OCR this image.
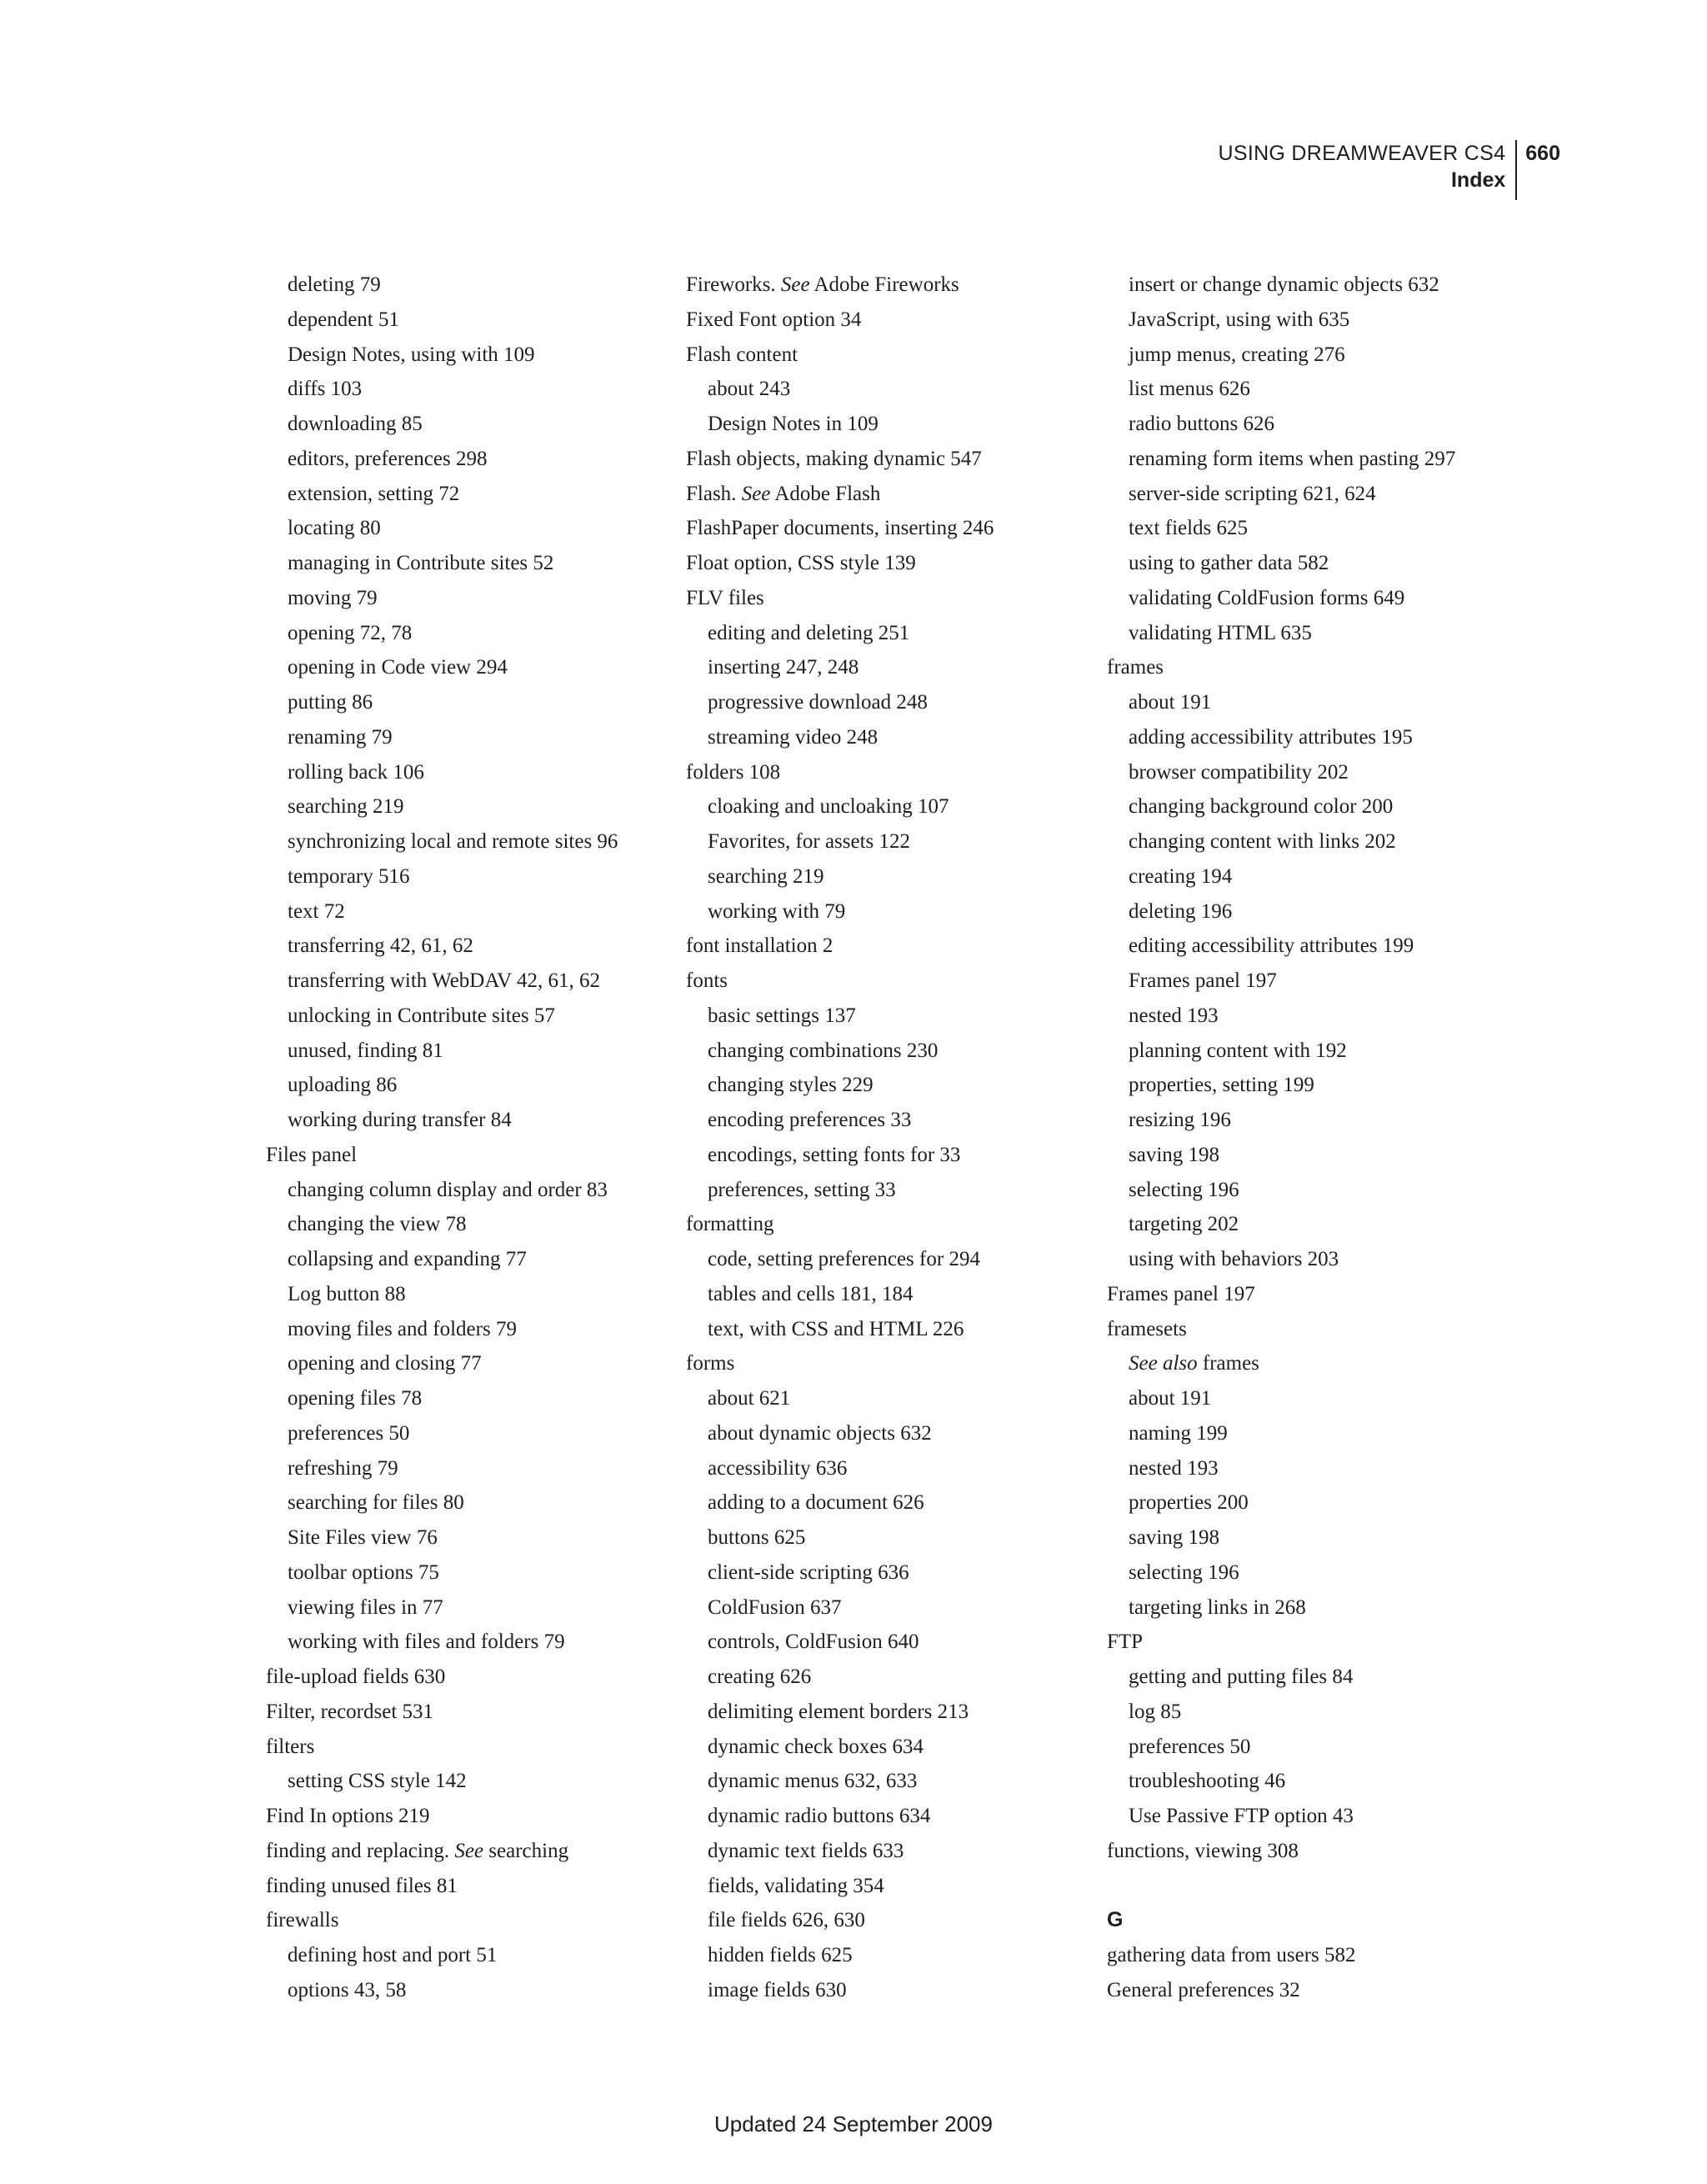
USING DREAMWEAVER CS4
Index
660
deleting 79
dependent 51
Design Notes, using with 109
diffs 103
downloading 85
editors, preferences 298
extension, setting 72
locating 80
managing in Contribute sites 52
moving 79
opening 72, 78
opening in Code view 294
putting 86
renaming 79
rolling back 106
searching 219
synchronizing local and remote sites 96
temporary 516
text 72
transferring 42, 61, 62
transferring with WebDAV 42, 61, 62
unlocking in Contribute sites 57
unused, finding 81
uploading 86
working during transfer 84
Files panel
changing column display and order 83
changing the view 78
collapsing and expanding 77
Log button 88
moving files and folders 79
opening and closing 77
opening files 78
preferences 50
refreshing 79
searching for files 80
Site Files view 76
toolbar options 75
viewing files in 77
working with files and folders 79
file-upload fields 630
Filter, recordset 531
filters
setting CSS style 142
Find In options 219
finding and replacing. See searching
finding unused files 81
firewalls
defining host and port 51
options 43, 58
Fireworks. See Adobe Fireworks
Fixed Font option 34
Flash content
about 243
Design Notes in 109
Flash objects, making dynamic 547
Flash. See Adobe Flash
FlashPaper documents, inserting 246
Float option, CSS style 139
FLV files
editing and deleting 251
inserting 247, 248
progressive download 248
streaming video 248
folders 108
cloaking and uncloaking 107
Favorites, for assets 122
searching 219
working with 79
font installation 2
fonts
basic settings 137
changing combinations 230
changing styles 229
encoding preferences 33
encodings, setting fonts for 33
preferences, setting 33
formatting
code, setting preferences for 294
tables and cells 181, 184
text, with CSS and HTML 226
forms
about 621
about dynamic objects 632
accessibility 636
adding to a document 626
buttons 625
client-side scripting 636
ColdFusion 637
controls, ColdFusion 640
creating 626
delimiting element borders 213
dynamic check boxes 634
dynamic menus 632, 633
dynamic radio buttons 634
dynamic text fields 633
fields, validating 354
file fields 626, 630
hidden fields 625
image fields 630
insert or change dynamic objects 632
JavaScript, using with 635
jump menus, creating 276
list menus 626
radio buttons 626
renaming form items when pasting 297
server-side scripting 621, 624
text fields 625
using to gather data 582
validating ColdFusion forms 649
validating HTML 635
frames
about 191
adding accessibility attributes 195
browser compatibility 202
changing background color 200
changing content with links 202
creating 194
deleting 196
editing accessibility attributes 199
Frames panel 197
nested 193
planning content with 192
properties, setting 199
resizing 196
saving 198
selecting 196
targeting 202
using with behaviors 203
Frames panel 197
framesets
See also frames
about 191
naming 199
nested 193
properties 200
saving 198
selecting 196
targeting links in 268
FTP
getting and putting files 84
log 85
preferences 50
troubleshooting 46
Use Passive FTP option 43
functions, viewing 308
G
gathering data from users 582
General preferences 32
Updated 24 September 2009
